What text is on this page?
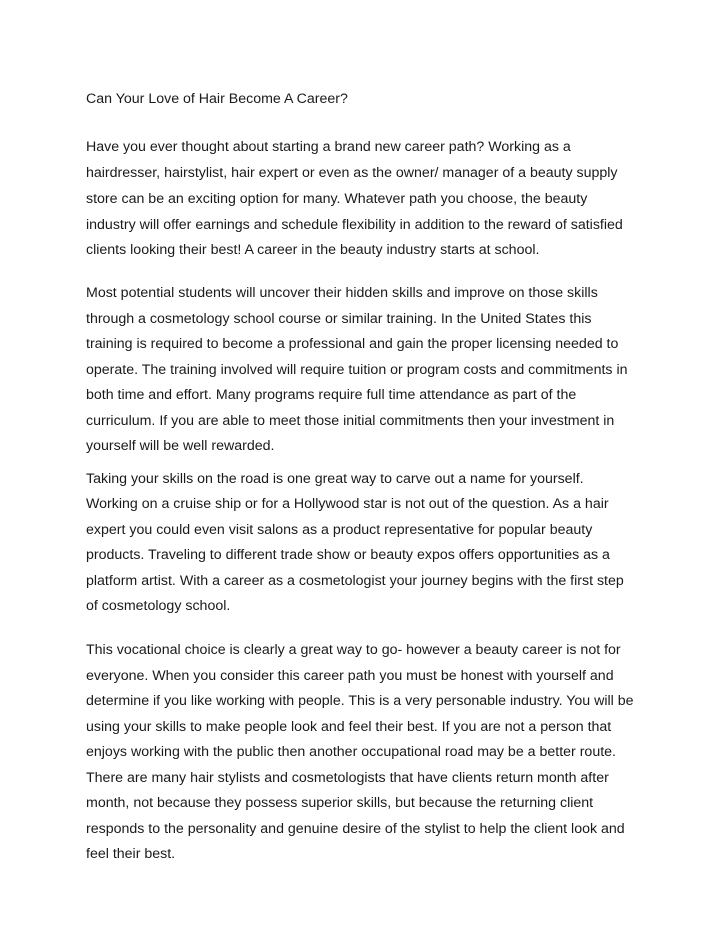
Can Your Love of Hair Become A Career?

Have you ever thought about starting a brand new career path? Working as a

hairdresser, hairstylist, hair expert or even as the owner/ manager of a beauty supply

store can be an exciting option for many. Whatever path you choose, the beauty

industry will offer earnings and schedule flexibility in addition to the reward of satisfied

clients looking their best! A career in the beauty industry starts at school.

Most potential students will uncover their hidden skills and improve on those skills

through a cosmetology school course or similar training. In the United States this

training is required to become a professional and gain the proper licensing needed to

operate. The training involved will require tuition or program costs and commitments in

both time and effort. Many programs require full time attendance as part of the

curriculum. If you are able to meet those initial commitments then your investment in

yourself will be well rewarded.

Taking your skills on the road is one great way to carve out a name for yourself.

Working on a cruise ship or for a Hollywood star is not out of the question. As a hair

expert you could even visit salons as a product representative for popular beauty

products. Traveling to different trade show or beauty expos offers opportunities as a

platform artist. With a career as a cosmetologist your journey begins with the first step

of cosmetology school.

This vocational choice is clearly a great way to go- however a beauty career is not for

everyone. When you consider this career path you must be honest with yourself and

determine if you like working with people. This is a very personable industry. You will be

using your skills to make people look and feel their best. If you are not a person that

enjoys working with the public then another occupational road may be a better route.

There are many hair stylists and cosmetologists that have clients return month after

month, not because they possess superior skills, but because the returning client

responds to the personality and genuine desire of the stylist to help the client look and

feel their best.
